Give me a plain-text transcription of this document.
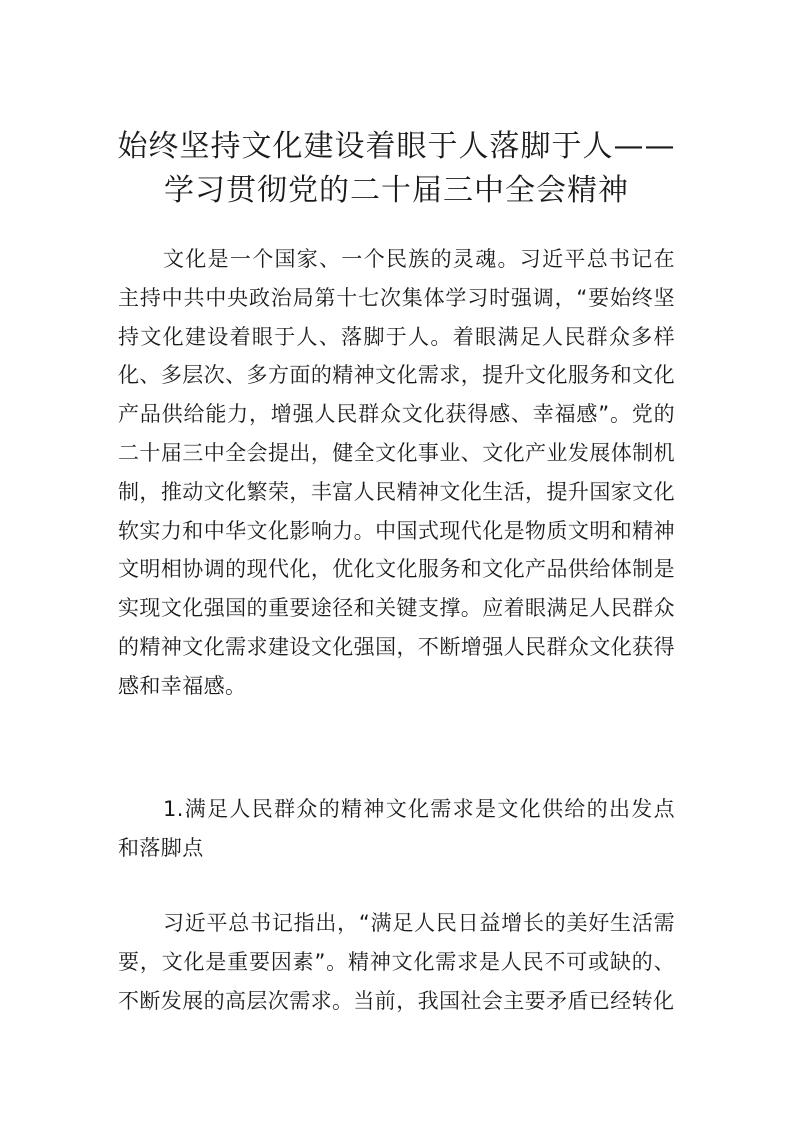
始终坚持文化建设着眼于人落脚于人——
学习贯彻党的二十届三中全会精神

文化是一个国家、一个民族的灵魂。习近平总书记在主持中共中央政治局第十七次集体学习时强调，“要始终坚持文化建设着眼于人、落脚于人。着眼满足人民群众多样化、多层次、多方面的精神文化需求，提升文化服务和文化产品供给能力，增强人民群众文化获得感、幸福感”。党的二十届三中全会提出，健全文化事业、文化产业发展体制机制，推动文化繁荣，丰富人民精神文化生活，提升国家文化软实力和中华文化影响力。中国式现代化是物质文明和精神文明相协调的现代化，优化文化服务和文化产品供给体制是实现文化强国的重要途径和关键支撑。应着眼满足人民群众的精神文化需求建设文化强国，不断增强人民群众文化获得感和幸福感。

1.满足人民群众的精神文化需求是文化供给的出发点和落脚点

习近平总书记指出，“满足人民日益增长的美好生活需要，文化是重要因素”。精神文化需求是人民不可或缺的、不断发展的高层次需求。当前，我国社会主要矛盾已经转化
